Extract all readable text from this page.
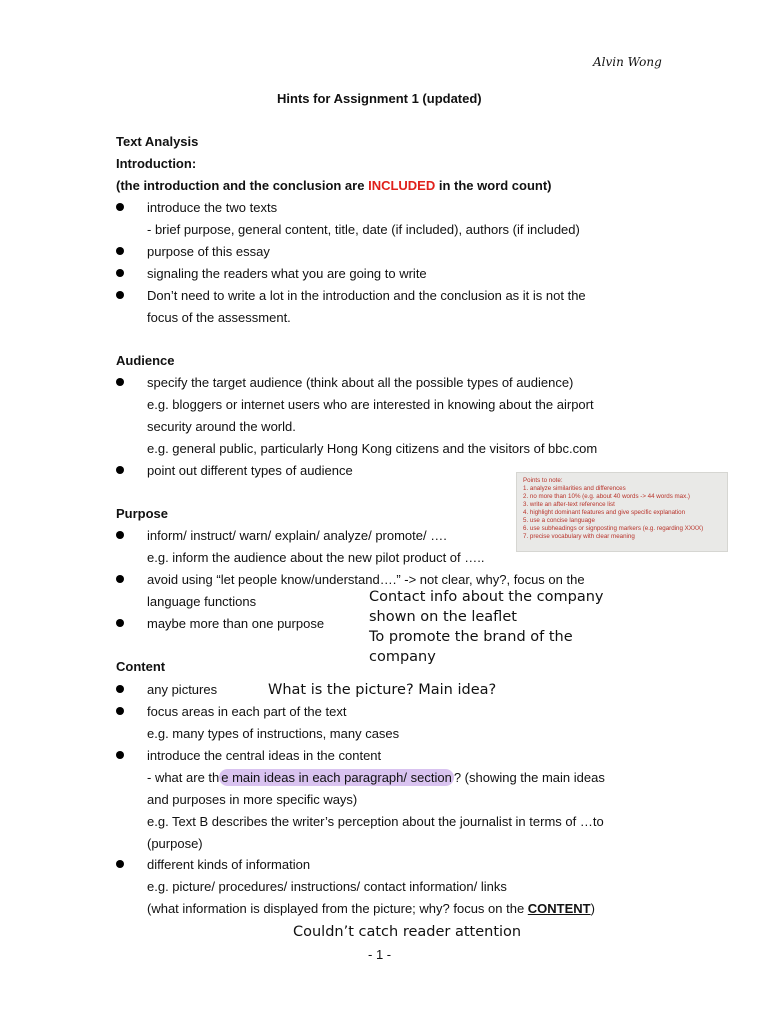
Alvin Wong
Hints for Assignment 1 (updated)
Text Analysis
Introduction:
(the introduction and the conclusion are INCLUDED in the word count)
introduce the two texts
- brief purpose, general content, title, date (if included), authors (if included)
purpose of this essay
signaling the readers what you are going to write
Don’t need to write a lot in the introduction and the conclusion as it is not the
focus of the assessment.
Audience
specify the target audience (think about all the possible types of audience)
e.g. bloggers or internet users who are interested in knowing about the airport
security around the world.
e.g. general public, particularly Hong Kong citizens and the visitors of bbc.com
point out different types of audience
Points to note:
1. analyze similarities and differences
2. no more than 10% (e.g. about 40 words -> 44 words max.)
3. write an after-text reference list
4. highlight dominant features and give specific explanation
5. use a concise language
6. use subheadings or signposting markers (e.g. regarding XXXX)
7. precise vocabulary with clear meaning
Purpose
inform/ instruct/ warn/ explain/ analyze/ promote/ ….
e.g. inform the audience about the new pilot product of …..
avoid using “let people know/understand….” -> not clear, why?, focus on the
language functions
maybe more than one purpose
Contact info about the company
shown on the leaflet
To promote the brand of the
company
Content
any pictures	What is the picture? Main idea?
focus areas in each part of the text
e.g. many types of instructions, many cases
introduce the central ideas in the content
- what are th e main ideas in each paragraph/ section ? (showing the main ideas
and purposes in more specific ways)
e.g. Text B describes the writer’s perception about the journalist in terms of …to
(purpose)
different kinds of information
e.g. picture/ procedures/ instructions/ contact information/ links
(what information is displayed from the picture; why? focus on the CONTENT)
Couldn’t catch reader attention
- 1 -
